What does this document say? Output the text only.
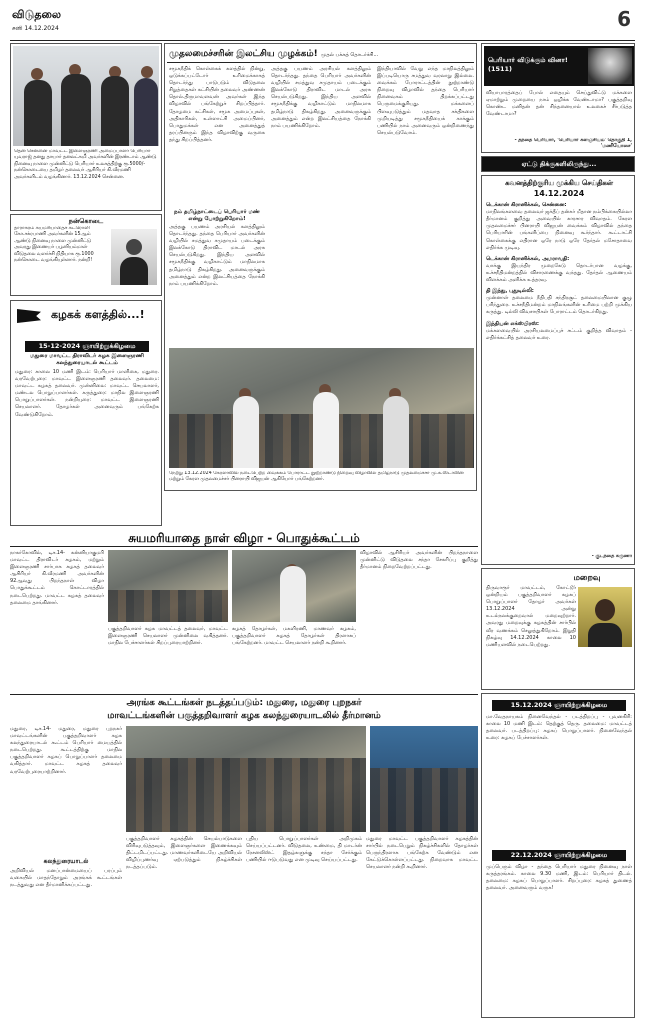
விடுதலை
சனி 14.12.2024	6
தென் சென்னை மாவட்ட இளைஞரணி அமைப்பாளர் பெரியார் யுவராஜ் தனது தாயார் தனலட்சுமி அவர்களின் இரண்டாம் ஆண்டு நினைவு நாளை முன்னிட்டு பெரியார் உலகத்திற்கு ரூ.5000/- நன்கொடையை தமிழர் தலைவர் ஆசிரியர் கி.வீரமணி அவர்களிடம் வழங்கினார். 13.12.2024 சென்னை.
நன்கொடை
தாராசுரம் சுயமரியாதைச் சுடரொளி கோ.சக்ரபாணி அவர்களின் 15ஆம் ஆண்டு நினைவு நாளை முன்னிட்டு அவரது இணையர் பழனியம்மாள் விடுதலை வளர்ச்சி நிதியாக ரூ.1000 நன்கொடை வழங்கியுள்ளார். நன்றி!
கழகக் களத்தில்...!
15-12-2024 ஞாயிற்றுக்கிழமை
மதுரை மாவட்ட திராவிடர் கழக இளைஞரணி கலந்துரையாடல் கூட்டம்
மதுரை: காலை 10 மணி இடம்: பெரியார் மாளிகை, மதுரை. வரவேற்புரை: மாவட்ட இளைஞரணி தலைவர். தலைமை: மாவட்ட கழகத் தலைவர். முன்னிலை: மாவட்ட செயலாளர், மண்டல பொறுப்பாளர்கள். கருத்துரை: மாநில இளைஞரணி பொறுப்பாளர்கள். நன்றியுரை: மாவட்ட இளைஞரணி செயலாளர். தோழர்கள் அனைவரும் பங்கேற்க வேண்டுகிறோம்.
முதலமைச்சரின் இலட்சிய முழக்கம்! முதல் பக்கத் தொடர்ச்சி...
சமூகநீதிக் கொள்கைக் களத்தில் நின்று, ஒடுக்கப்பட்டோர் உரிமைக்காகத் தொடர்ந்து பாடுபடும் விடுதலை சிறுத்தைகள் கட்சியின் தலைவர் அண்ணன் தொல்.திருமாவளவன் அவர்கள் இந்த விழாவில் பங்கேற்றுச் சிறப்பித்தார். தோழமை கட்சிகள், சமூக அமைப்புகள், அதிகாரிகள், உள்ளாட்சி அமைப்பினர், பொதுமக்கள் என அனைத்துத் தரப்பினரும் இந்த விழாவிற்கு வருகை தந்து சிறப்பித்தனர்.
நம் தமிழ்நாட்டைப் பெரியார் மண் என்று போற்றுகிறோம்!
அத்தகு பயணம் அரசியல் களத்திலும் தொடர்ந்தது. தந்தை பெரியார் அவர்களின் வழியில் சமத்துவ சமுதாயம் படைக்கும் இலக்கோடு திராவிட மாடல் அரசு செயல்படுகிறது. இந்திய அளவில் சமூகநீதிக்கு வழிகாட்டும் மாநிலமாக தமிழ்நாடு திகழ்கிறது. அனைவருக்கும் அனைத்தும் என்ற இலட்சியத்தை நோக்கி நாம் பயணிக்கிறோம்.
அத்தகு பயணம் அரசியல் களத்திலும் தொடர்ந்தது. தந்தை பெரியார் அவர்களின் வழியில் சமத்துவ சமுதாயம் படைக்கும் இலக்கோடு திராவிட மாடல் அரசு செயல்படுகிறது. இந்திய அளவில் சமூகநீதிக்கு வழிகாட்டும் மாநிலமாக தமிழ்நாடு திகழ்கிறது. அனைவருக்கும் அனைத்தும் என்ற இலட்சியத்தை நோக்கி நாம் பயணிக்கிறோம்.
இந்தியாவில் வேறு எந்த மாநிலத்திலும் இப்படியொரு சமத்துவ வரலாறு இல்லை. வைக்கம் போராட்டத்தின் நூற்றாண்டு நிறைவு விழாவில் தந்தை பெரியார் நினைவகம் திறக்கப்பட்டது பெருமைக்குரியது. மக்களைப் பிளவுபடுத்தும் மதவாத சக்திகளை முறியடித்து சமூகநீதியைக் காக்கும் பணியில் நாம் அனைவரும் ஒன்றிணைந்து செயல்படுவோம்.
நேற்று 13.12.2024 கேரளாவில் நடைபெற்ற வைக்கம் போராட்ட நூற்றாண்டு நிறைவு விழாவில் தமிழ்நாடு முதலமைச்சர் மு.க.ஸ்டாலின் மற்றும் கேரள முதலமைச்சர் பினராயி விஜயன் ஆகியோர் பங்கேற்றனர்.
பெரியார் விடுக்கும் வினா! (1511)
வியாபாரத்தைப் போல் எதையும் செய்துவிட்டு மக்களை ஏமாற்றும் முறையை நாம் ஒழிக்க வேண்டாமா? பகுத்தறிவு கொண்ட மனிதன் தன் சிந்தனையால் உலகைச் சீர்படுத்த வேண்டாமா?
- தந்தை பெரியார், 'பெரியார் களஞ்சியம்' தொகுதி 1, 'மணியோசை'
ஏட்டு திக்குகளிலிருந்து...
கவனத்திற்குரிய முக்கிய செய்திகள்
14.12.2024
டெக்கான் கிரானிக்கல், சென்னை:
மாநிலங்களவை தலைவர் ஜக்தீப் தன்கர் மீதான நம்பிக்கையில்லா தீர்மானம் குறித்து அவையில் காரசார விவாதம். கேரள முதலமைச்சர் பினராயி விஜயன் வைக்கம் விழாவில் தந்தை பெரியாரின் பங்களிப்பை நினைவு கூர்ந்தார். கூட்டாட்சி கொள்கைக்கு எதிரான ஒரே நாடு ஒரே தேர்தல் மசோதாவை எதிர்க்க முடிவு.
டெக்கான் கிரானிக்கல், அமராவதி:
வாக்கு இயந்திர முறைகேடு தொடர்பான வழக்கு, உச்சநீதிமன்றத்தில் விசாரணைக்கு வந்தது. தேர்தல் ஆணையம் விளக்கம் அளிக்க உத்தரவு.
தி இந்து, புதுடில்லி:
முன்னாள் தலைமை நீதிபதி சந்திரசூட் தலைமையிலான குழு பரிந்துரை. உச்சநீதிமன்றம் மாநிலங்களின் உரிமை பற்றி முக்கிய கருத்து. டில்லி விவசாயிகள் போராட்டம் தொடர்கிறது.
இந்தியன் எக்ஸ்பிரஸ்:
மக்களவையில் அரசியலமைப்புச் சட்டம் குறித்த விவாதம் - எதிர்க்கட்சித் தலைவர் உரை.
- குடந்தை கருணா
மறைவு
திருவாரூர் மாவட்டம், கோட்டூர் ஒன்றியம் பகுத்தறிவாளர் கழகப் பொறுப்பாளர் தோழர் அவர்கள் 13.12.2024 அன்று உடல்நலக்குறைவால் மறைவுற்றார். அவரது மறைவுக்கு கழகத்தின் சார்பில் வீர வணக்கம் செலுத்துகிறோம். இறுதி நிகழ்வு 14.12.2024 காலை 10 மணியளவில் நடைபெற்றது.
சுயமரியாதை நாள் விழா - பொதுக்கூட்டம்
நாகர்கோவில், டிச.14- கன்னியாகுமரி மாவட்ட திராவிடர் கழகம், மற்றும் இளைஞரணி சார்பாக கழகத் தலைவர் ஆசிரியர் கி.வீரமணி அவர்களின் 92ஆவது பிறந்தநாள் விழா பொதுக்கூட்டம் கொட்டாரத்தில் நடைபெற்றது. மாவட்ட கழகத் தலைவர் தலைமை தாங்கினார்.
பகுத்தறிவாளர் கழக மாவட்டத் தலைவர், மாவட்ட இளைஞரணி செயலாளர் முன்னிலை வகித்தனர். மாநில பேச்சாளர்கள் சிறப்புரையாற்றினர்.
கழகத் தோழர்கள், மகளிரணி, மாணவர் கழகம், பகுத்தறிவாளர் கழகத் தோழர்கள் திரளாகப் பங்கேற்றனர். மாவட்ட செயலாளர் நன்றி கூறினார்.
விழாவில் ஆசிரியர் அவர்களின் பிறந்தநாளை முன்னிட்டு விடுதலை சந்தா சேகரிப்பு குறித்து தீர்மானம் நிறைவேற்றப்பட்டது.
அரங்க கூட்டங்கள் நடத்தப்படும்: மதுரை, மதுரை புறநகர்
மாவட்டங்களின் பகுத்தறிவாளர் கழக கலந்துரையாடலில் தீர்மானம்
மதுரை, டிச.14- மதுரை, மதுரை புறநகர் மாவட்டங்களின் பகுத்தறிவாளர் கழக கலந்துரையாடல் கூட்டம் பெரியார் மையத்தில் நடைபெற்றது. கூட்டத்திற்கு மாநில பகுத்தறிவாளர் கழகப் பொறுப்பாளர் தலைமை வகித்தார். மாவட்ட கழகத் தலைவர் வரவேற்புரையாற்றினார்.
கலந்துரையாடல்
அறிவியல் மனப்பான்மையைப் பரப்பும் வகையில் மாதந்தோறும் அரங்கக் கூட்டங்கள் நடத்துவது என தீர்மானிக்கப்பட்டது.
பகுத்தறிவாளர் கழகத்தின் செயல்பாடுகளை விரிவுபடுத்தவும், இளைஞர்களை இணைக்கவும் திட்டமிடப்பட்டது. மாணவர்களிடையே அறிவியல் விழிப்புணர்வு ஏற்படுத்தும் நிகழ்ச்சிகள் நடத்தப்படும்.
புதிய பொறுப்பாளர்கள் அறிமுகம் செய்யப்பட்டனர். விடுதலை, உண்மை, தி மாடர்ன் ரேசனலிஸ்ட் இதழ்களுக்கு சந்தா சேர்க்கும் பணியில் ஈடுபடுவது என முடிவு செய்யப்பட்டது.
மதுரை மாவட்ட பகுத்தறிவாளர் கழகத்தின் சார்பில் நடைபெறும் நிகழ்ச்சிகளில் தோழர்கள் பெருந்திரளாக பங்கேற்க வேண்டும் என கேட்டுக்கொள்ளப்பட்டது. நிறைவாக மாவட்ட செயலாளர் நன்றி கூறினார்.
15.12.2024 ஞாயிற்றுக்கிழமை
மா.வேதநாயகம் நினைவேந்தல் - படத்திறப்பு - புவனகிரி: காலை 10 மணி இடம்: தெற்குத் தெரு. தலைமை: மாவட்டத் தலைவர். படத்திறப்பு: கழகப் பொறுப்பாளர். நினைவேந்தல் உரை: கழகப் பேச்சாளர்கள்.
22.12.2024 ஞாயிற்றுக்கிழமை
முப்பெரும் விழா - தந்தை பெரியார் மதுரை நினைவு நாள் கருத்தரங்கம். காலை 9.30 மணி, இடம்: பெரியார் திடல். தலைமை: கழகப் பொறுப்பாளர். சிறப்புரை: கழகத் துணைத் தலைவர். அனைவரும் வருக!
